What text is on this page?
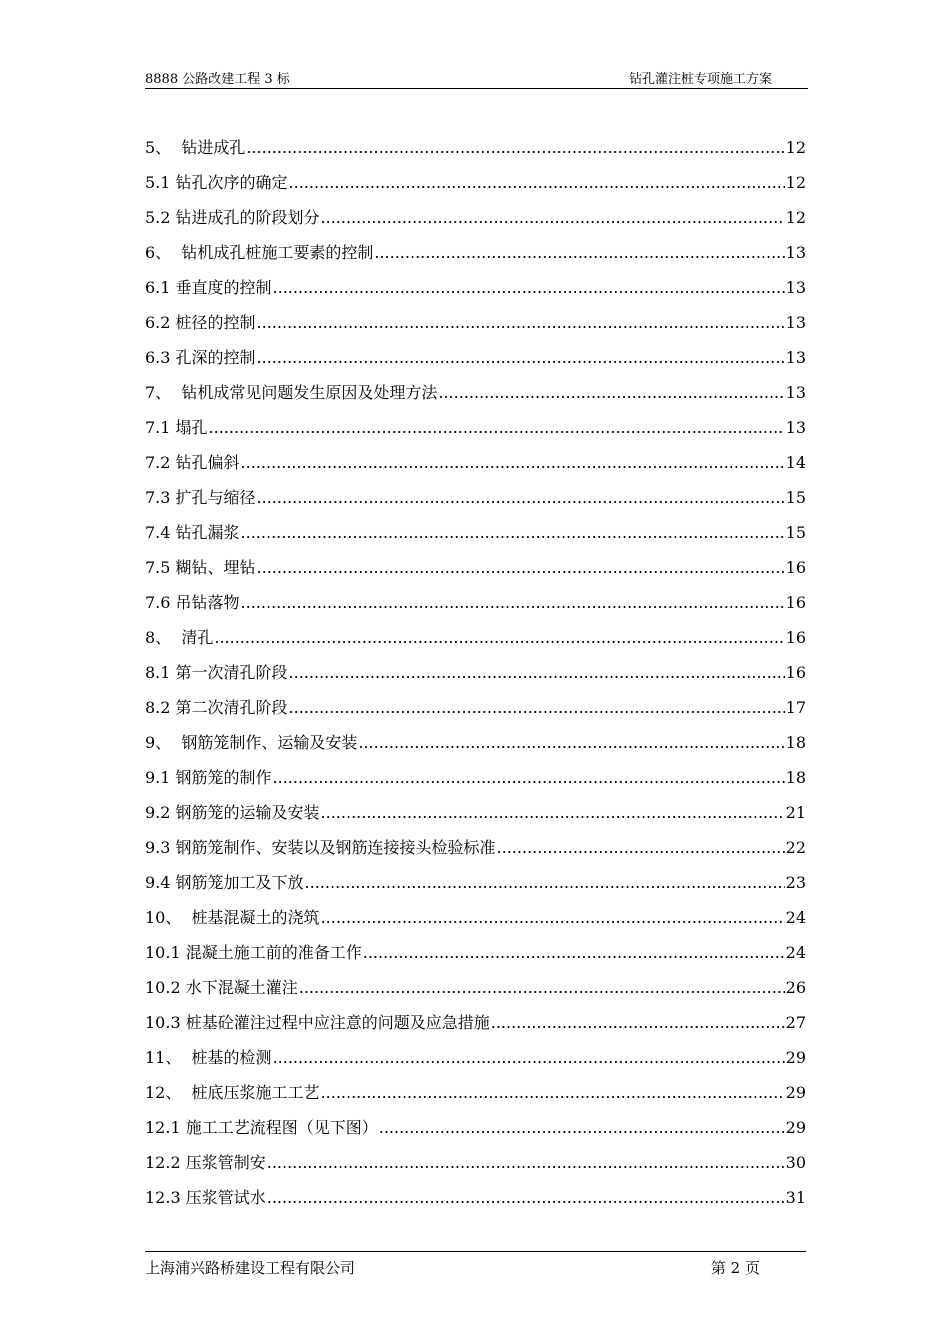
8888 公路改建工程 3 标	钻孔灌注桩专项施工方案
5、 钻进成孔 .....	12
5.1 钻孔次序的确定 .....	12
5.2 钻进成孔的阶段划分 .....	12
6、 钻机成孔桩施工要素的控制 .....	13
6.1 垂直度的控制 .....	13
6.2 桩径的控制 .....	13
6.3 孔深的控制 .....	13
7、 钻机成常见问题发生原因及处理方法 .....	13
7.1 塌孔 .....	13
7.2 钻孔偏斜 .....	14
7.3 扩孔与缩径 .....	15
7.4 钻孔漏浆 .....	15
7.5 糊钻、埋钻 .....	16
7.6 吊钻落物 .....	16
8、 清孔 .....	16
8.1 第一次清孔阶段 .....	16
8.2 第二次清孔阶段 .....	17
9、 钢筋笼制作、运输及安装 .....	18
9.1 钢筋笼的制作 .....	18
9.2 钢筋笼的运输及安装 .....	21
9.3 钢筋笼制作、安装以及钢筋连接接头检验标准 .....	22
9.4 钢筋笼加工及下放 .....	23
10、 桩基混凝土的浇筑 .....	24
10.1 混凝土施工前的准备工作 .....	24
10.2 水下混凝土灌注 .....	26
10.3 桩基砼灌注过程中应注意的问题及应急措施 .....	27
11、 桩基的检测 .....	29
12、 桩底压浆施工工艺 .....	29
12.1 施工工艺流程图（见下图） .....	29
12.2 压浆管制安 .....	30
12.3 压浆管试水 .....	31
上海浦兴路桥建设工程有限公司	第 2 页
